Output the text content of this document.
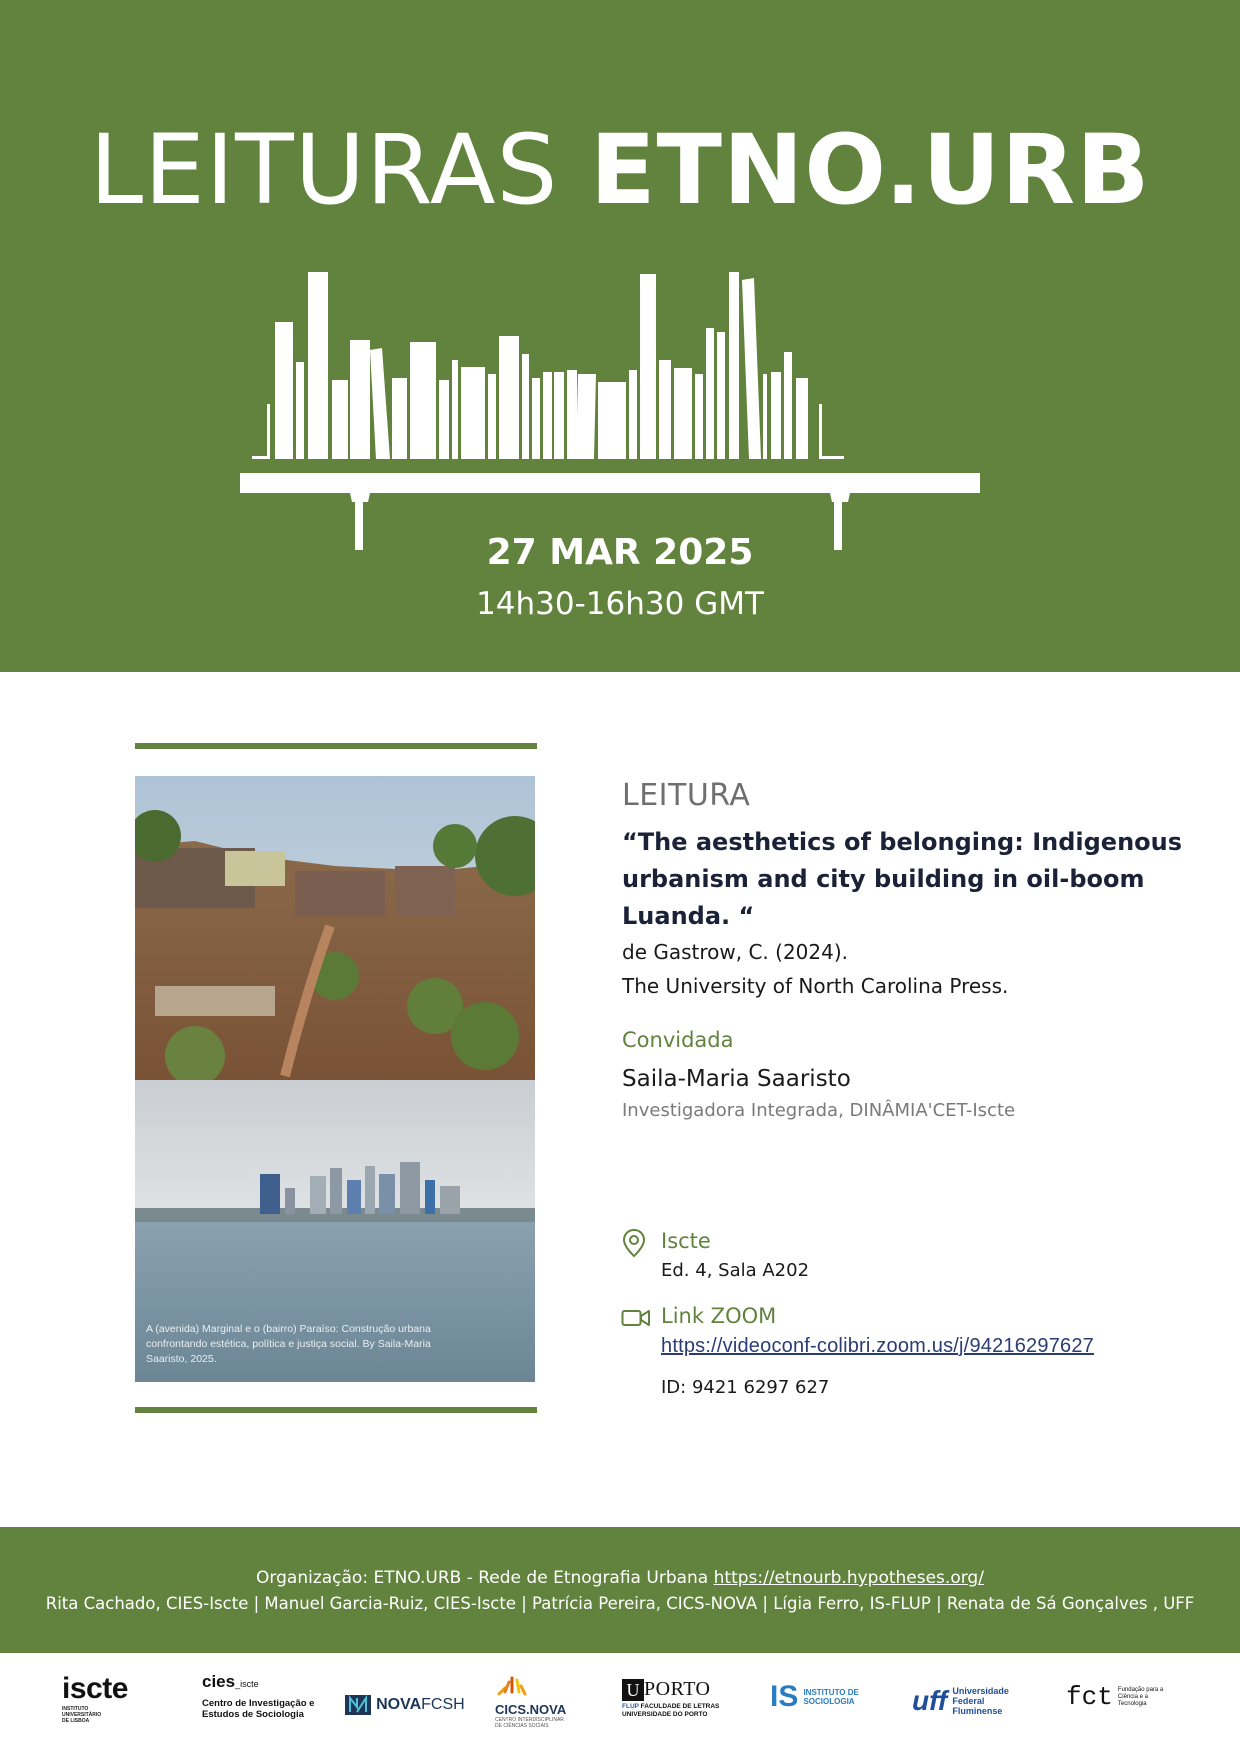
LEITURAS ETNO.URB
27 MAR 2025
14h30-16h30 GMT
A (avenida) Marginal e o (bairro) Paraíso: Construção urbana confrontando estética, política e justiça social. By Saila-Maria Saaristo, 2025.
LEITURA
“The aesthetics of belonging: Indigenous urbanism and city building in oil-boom Luanda. “
de Gastrow, C. (2024).
The University of North Carolina Press.
Convidada
Saila-Maria Saaristo
Investigadora Integrada, DINÂMIA'CET-Iscte
Iscte
Ed. 4, Sala A202
Link ZOOM
https://videoconf-colibri.zoom.us/j/94216297627
ID: 9421 6297 627
Organização: ETNO.URB - Rede de Etnografia Urbana https://etnourb.hypotheses.org/
Rita Cachado, CIES-Iscte | Manuel Garcia-Ruiz, CIES-Iscte | Patrícia Pereira, CICS-NOVA | Lígia Ferro, IS-FLUP | Renata de Sá Gonçalves , UFF
iscte
INSTITUTO UNIVERSITÁRIO DE LISBOA
cies_iscte
Centro de Investigação e Estudos de Sociologia
NOVAFCSH	CICS.NOVA
CENTRO INTERDISCIPLINAR DE CIÊNCIAS SOCIAIS
U PORTO
FLUP FACULDADE DE LETRAS UNIVERSIDADE DO PORTO
IS INSTITUTO DE SOCIOLOGIA	uff Universidade Federal Fluminense	fct Fundação para a Ciência e a Tecnologia
